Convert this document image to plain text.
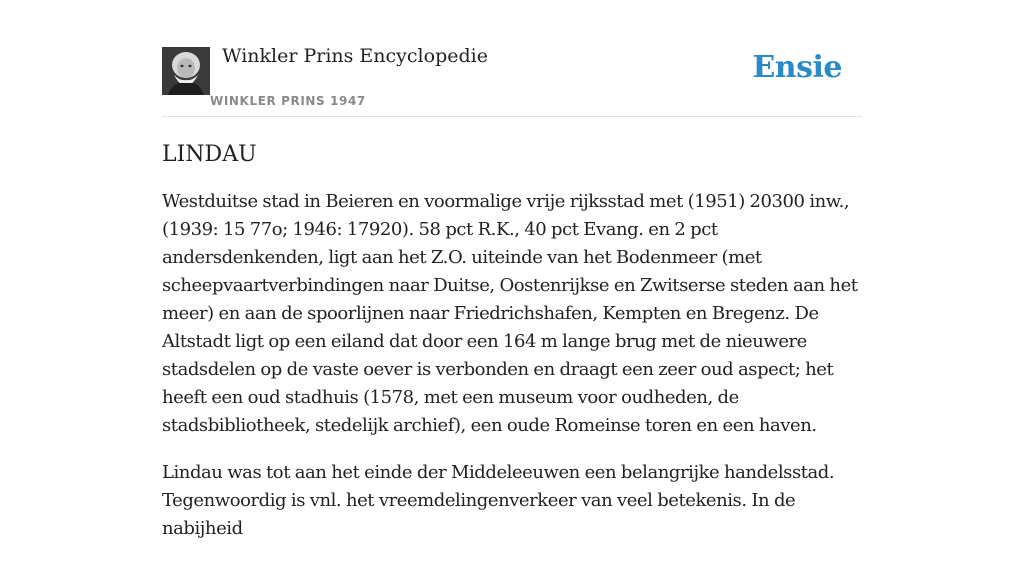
Winkler Prins Encyclopedie
WINKLER PRINS 1947
Ensie
LINDAU

Westduitse stad in Beieren en voormalige vrije rijksstad met (1951) 20300 inw., (1939: 15 77o; 1946: 17920). 58 pct R.K., 40 pct Evang. en 2 pct andersdenkenden, ligt aan het Z.O. uiteinde van het Bodenmeer (met scheepvaartverbindingen naar Duitse, Oostenrijkse en Zwitserse steden aan het meer) en aan de spoorlijnen naar Friedrichshafen, Kempten en Bregenz. De Altstadt ligt op een eiland dat door een 164 m lange brug met de nieuwere stadsdelen op de vaste oever is verbonden en draagt een zeer oud aspect; het heeft een oud stadhuis (1578, met een museum voor oudheden, de stadsbibliotheek, stedelijk archief), een oude Romeinse toren en een haven.

Lindau was tot aan het einde der Middeleeuwen een belangrijke handelsstad. Tegenwoordig is vnl. het vreemdelingenverkeer van veel betekenis. In de nabijheid
